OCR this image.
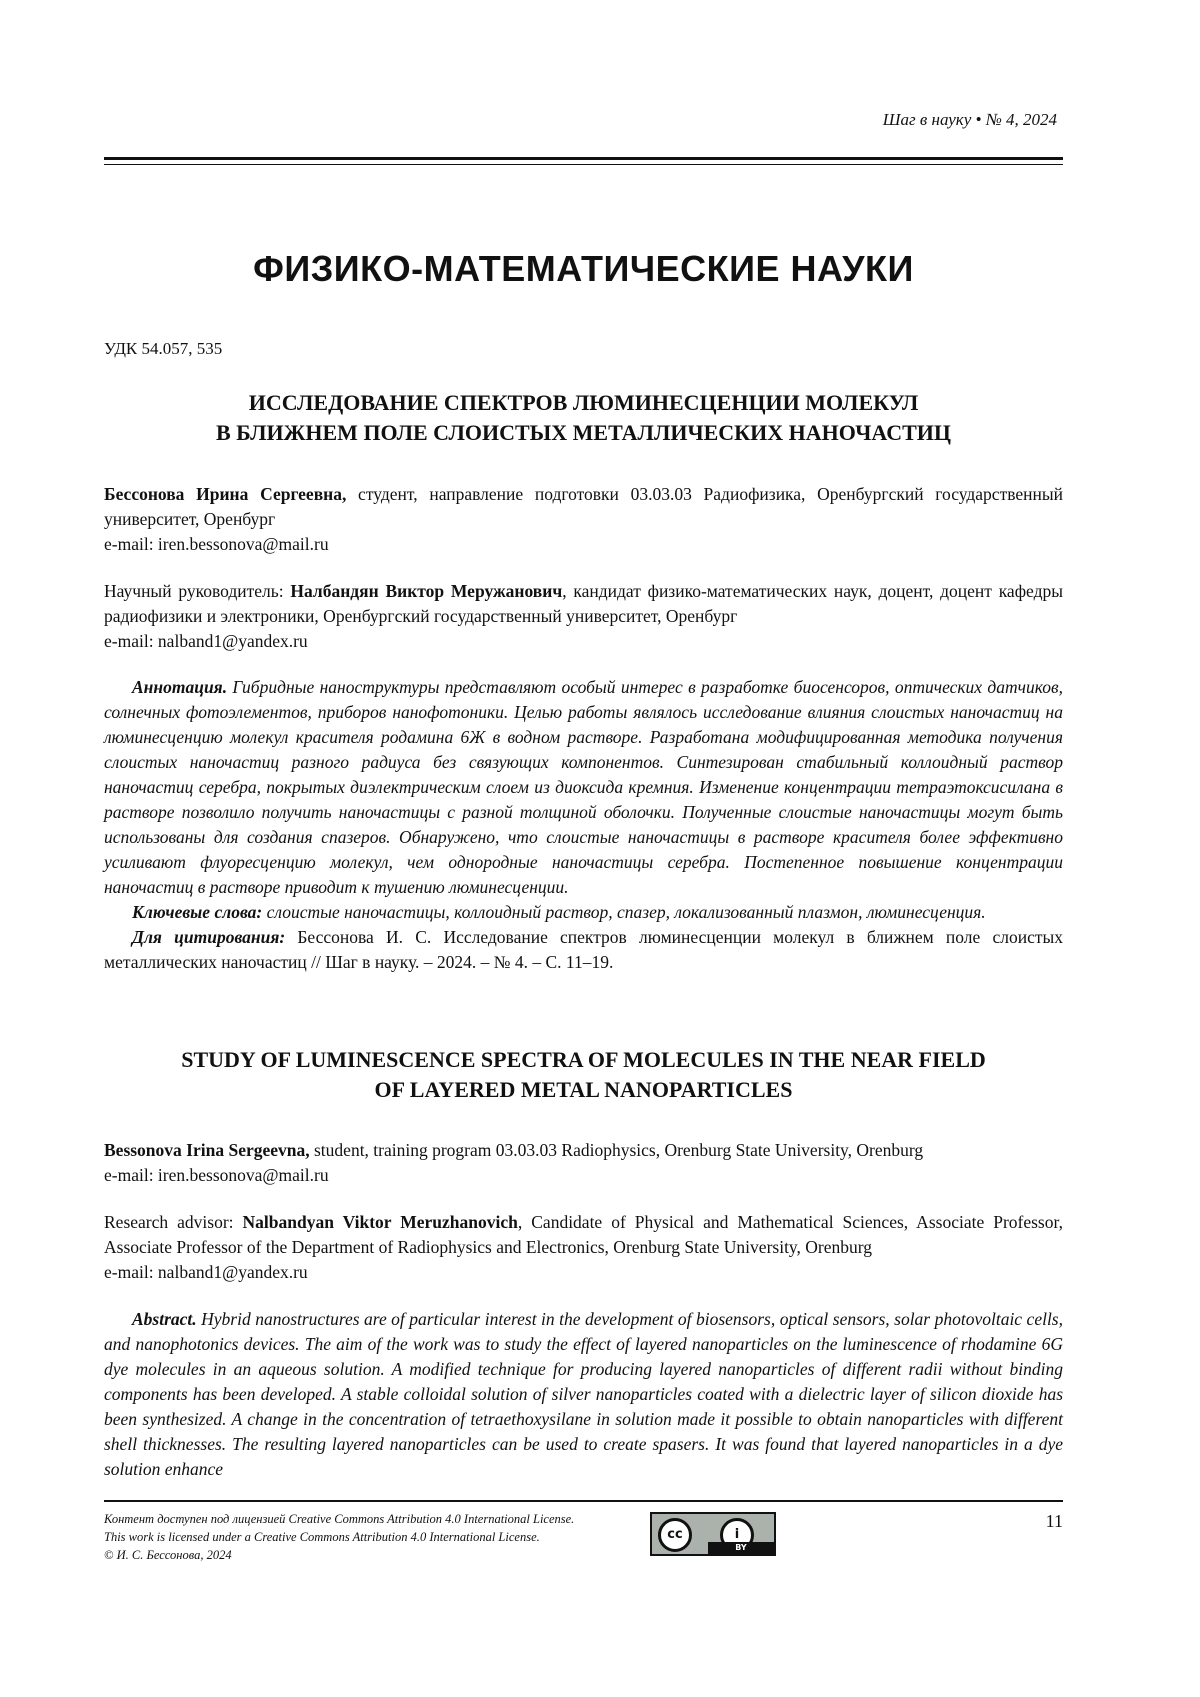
Шаг в науку • № 4, 2024
ФИЗИКО-МАТЕМАТИЧЕСКИЕ НАУКИ
УДК 54.057, 535
ИССЛЕДОВАНИЕ СПЕКТРОВ ЛЮМИНЕСЦЕНЦИИ МОЛЕКУЛ
В БЛИЖНЕМ ПОЛЕ СЛОИСТЫХ МЕТАЛЛИЧЕСКИХ НАНОЧАСТИЦ

Бессонова Ирина Сергеевна, студент, направление подготовки 03.03.03 Радиофизика, Оренбургский государственный университет, Оренбург

e-mail: iren.bessonova@mail.ru

Научный руководитель: Налбандян Виктор Меружанович, кандидат физико-математических наук, доцент, доцент кафедры радиофизики и электроники, Оренбургский государственный университет, Оренбург

e-mail: nalband1@yandex.ru

Аннотация. Гибридные наноструктуры представляют особый интерес в разработке биосенсоров, оптических датчиков, солнечных фотоэлементов, приборов нанофотоники. Целью работы являлось исследование влияния слоистых наночастиц на люминесценцию молекул красителя родамина 6Ж в водном растворе. Разработана модифицированная методика получения слоистых наночастиц разного радиуса без связующих компонентов. Синтезирован стабильный коллоидный раствор наночастиц серебра, покрытых диэлектрическим слоем из диоксида кремния. Изменение концентрации тетраэтоксисилана в растворе позволило получить наночастицы с разной толщиной оболочки. Полученные слоистые наночастицы могут быть использованы для создания спазеров. Обнаружено, что слоистые наночастицы в растворе красителя более эффективно усиливают флуоресценцию молекул, чем однородные наночастицы серебра. Постепенное повышение концентрации наночастиц в растворе приводит к тушению люминесценции.

Ключевые слова: слоистые наночастицы, коллоидный раствор, спазер, локализованный плазмон, люминесценция.

Для цитирования: Бессонова И. С. Исследование спектров люминесценции молекул в ближнем поле слоистых металлических наночастиц // Шаг в науку. – 2024. – № 4. – С. 11–19.

STUDY OF LUMINESCENCE SPECTRA OF MOLECULES IN THE NEAR FIELD
OF LAYERED METAL NANOPARTICLES

Bessonova Irina Sergeevna, student, training program 03.03.03 Radiophysics, Orenburg State University, Orenburg

e-mail: iren.bessonova@mail.ru

Research advisor: Nalbandyan Viktor Meruzhanovich, Candidate of Physical and Mathematical Sciences, Associate Professor, Associate Professor of the Department of Radiophysics and Electronics, Orenburg State University, Orenburg

e-mail: nalband1@yandex.ru

Abstract. Hybrid nanostructures are of particular interest in the development of biosensors, optical sensors, solar photovoltaic cells, and nanophotonics devices. The aim of the work was to study the effect of layered nanoparticles on the luminescence of rhodamine 6G dye molecules in an aqueous solution. A modified technique for producing layered nanoparticles of different radii without binding components has been developed. A stable colloidal solution of silver nanoparticles coated with a dielectric layer of silicon dioxide has been synthesized. A change in the concentration of tetraethoxysilane in solution made it possible to obtain nanoparticles with different shell thicknesses. The resulting layered nanoparticles can be used to create spasers. It was found that layered nanoparticles in a dye solution enhance

Контент доступен под лицензией Creative Commons Attribution 4.0 International License.
This work is licensed under a Creative Commons Attribution 4.0 International License.
© И. С. Бессонова, 2024
cc	i
BY
11
